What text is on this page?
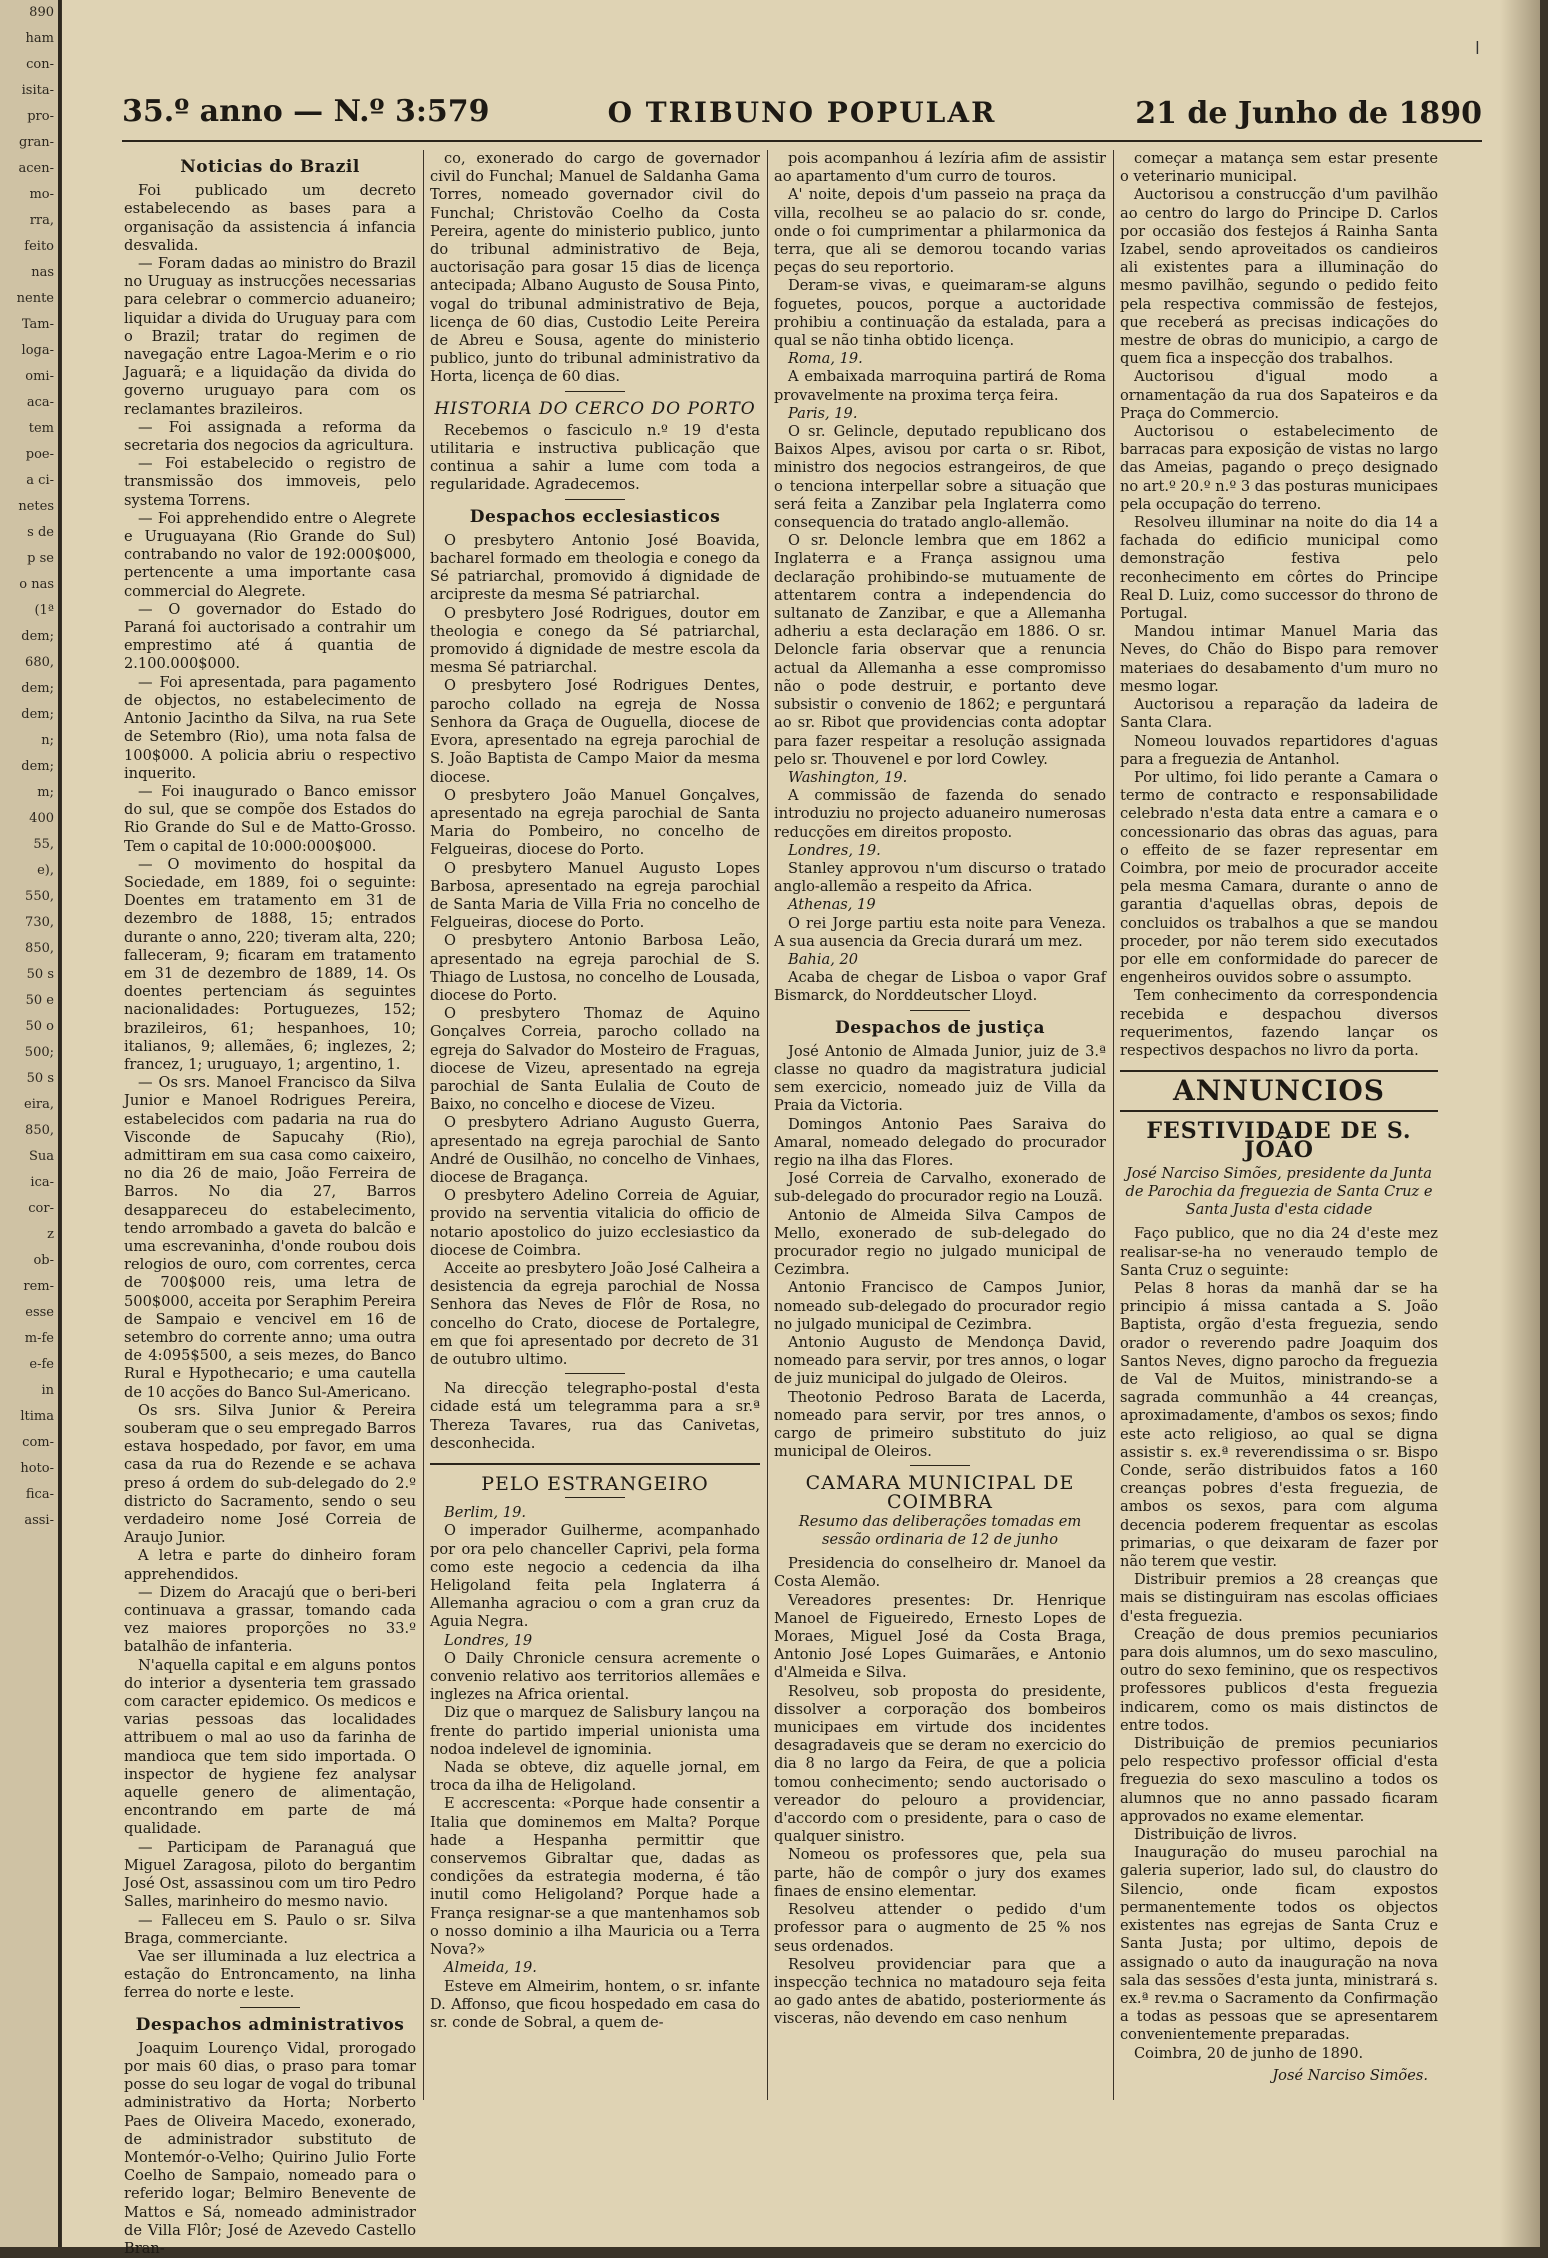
890
ham
con-
isita-
pro-
gran-
acen-
mo-
rra,
feito
nas
nente
Tam-
loga-
omi-
aca-
tem
poe-
a ci-
netes
s de
p se
o nas
(1ª
dem;
680,
dem;
dem;
n;
dem;
m;
400
55,
e),
550,
730,
850,
50 s
50 e
50 o
500;
50 s
eira,
850,
Sua
ica-
cor-
z
ob-
rem-
esse
m-fe
e-fe
in
ltima
com-
hoto-
fica-
assi-
ǀ
35.º anno — N.º 3:579	O TRIBUNO POPULAR	21 de Junho de 1890
Noticias do Brazil

Foi publicado um decreto estabelecendo as bases para a organisação da assistencia á infancia desvalida.

— Foram dadas ao ministro do Brazil no Uruguay as instrucções necessarias para celebrar o commercio aduaneiro; liquidar a divida do Uruguay para com o Brazil; tratar do regimen de navegação entre Lagoa-Merim e o rio Jaguarã; e a liquidação da divida do governo uruguayo para com os reclamantes brazileiros.

— Foi assignada a reforma da secretaria dos negocios da agricultura.

— Foi estabelecido o registro de transmissão dos immoveis, pelo systema Torrens.

— Foi apprehendido entre o Alegrete e Uruguayana (Rio Grande do Sul) contrabando no valor de 192:000$000, pertencente a uma importante casa commercial do Alegrete.

— O governador do Estado do Paraná foi auctorisado a contrahir um emprestimo até á quantia de 2.100.000$000.

— Foi apresentada, para pagamento de objectos, no estabelecimento de Antonio Jacintho da Silva, na rua Sete de Setembro (Rio), uma nota falsa de 100$000. A policia abriu o respectivo inquerito.

— Foi inaugurado o Banco emissor do sul, que se compõe dos Estados do Rio Grande do Sul e de Matto-Grosso. Tem o capital de 10:000:000$000.

— O movimento do hospital da Sociedade, em 1889, foi o seguinte: Doentes em tratamento em 31 de dezembro de 1888, 15; entrados durante o anno, 220; tiveram alta, 220; falleceram, 9; ficaram em tratamento em 31 de dezembro de 1889, 14. Os doentes pertenciam ás seguintes nacionalidades: Portuguezes, 152; brazileiros, 61; hespanhoes, 10; italianos, 9; allemães, 6; inglezes, 2; francez, 1; uruguayo, 1; argentino, 1.

— Os srs. Manoel Francisco da Silva Junior e Manoel Rodrigues Pereira, estabelecidos com padaria na rua do Visconde de Sapucahy (Rio), admittiram em sua casa como caixeiro, no dia 26 de maio, João Ferreira de Barros. No dia 27, Barros desappareceu do estabelecimento, tendo arrombado a gaveta do balcão e uma escrevaninha, d'onde roubou dois relogios de ouro, com correntes, cerca de 700$000 reis, uma letra de 500$000, acceita por Seraphim Pereira de Sampaio e vencivel em 16 de setembro do corrente anno; uma outra de 4:095$500, a seis mezes, do Banco Rural e Hypothecario; e uma cautella de 10 acções do Banco Sul-Americano.

Os srs. Silva Junior & Pereira souberam que o seu empregado Barros estava hospedado, por favor, em uma casa da rua do Rezende e se achava preso á ordem do sub-delegado do 2.º districto do Sacramento, sendo o seu verdadeiro nome José Correia de Araujo Junior.

A letra e parte do dinheiro foram apprehendidos.

— Dizem do Aracajú que o beri-beri continuava a grassar, tomando cada vez maiores proporções no 33.º batalhão de infanteria.

N'aquella capital e em alguns pontos do interior a dysenteria tem grassado com caracter epidemico. Os medicos e varias pessoas das localidades attribuem o mal ao uso da farinha de mandioca que tem sido importada. O inspector de hygiene fez analysar aquelle genero de alimentação, encontrando em parte de má qualidade.

— Participam de Paranaguá que Miguel Zaragosa, piloto do bergantim José Ost, assassinou com um tiro Pedro Salles, marinheiro do mesmo navio.

— Falleceu em S. Paulo o sr. Silva Braga, commerciante.

Vae ser illuminada a luz electrica a estação do Entroncamento, na linha ferrea do norte e leste.

Despachos administrativos

Joaquim Lourenço Vidal, prorogado por mais 60 dias, o praso para tomar posse do seu logar de vogal do tribunal administrativo da Horta; Norberto Paes de Oliveira Macedo, exonerado, de administrador substituto de Montemór-o-Velho; Quirino Julio Forte Coelho de Sampaio, nomeado para o referido logar; Belmiro Benevente de Mattos e Sá, nomeado administrador de Villa Flôr; José de Azevedo Castello Bran-

co, exonerado do cargo de governador civil do Funchal; Manuel de Saldanha Gama Torres, nomeado governador civil do Funchal; Christovão Coelho da Costa Pereira, agente do ministerio publico, junto do tribunal administrativo de Beja, auctorisação para gosar 15 dias de licença antecipada; Albano Augusto de Sousa Pinto, vogal do tribunal administrativo de Beja, licença de 60 dias, Custodio Leite Pereira de Abreu e Sousa, agente do ministerio publico, junto do tribunal administrativo da Horta, licença de 60 dias.

HISTORIA DO CERCO DO PORTO

Recebemos o fasciculo n.º 19 d'esta utilitaria e instructiva publicação que continua a sahir a lume com toda a regularidade. Agradecemos.

Despachos ecclesiasticos

O presbytero Antonio José Boavida, bacharel formado em theologia e conego da Sé patriarchal, promovido á dignidade de arcipreste da mesma Sé patriarchal.

O presbytero José Rodrigues, doutor em theologia e conego da Sé patriarchal, promovido á dignidade de mestre escola da mesma Sé patriarchal.

O presbytero José Rodrigues Dentes, parocho collado na egreja de Nossa Senhora da Graça de Ouguella, diocese de Evora, apresentado na egreja parochial de S. João Baptista de Campo Maior da mesma diocese.

O presbytero João Manuel Gonçalves, apresentado na egreja parochial de Santa Maria do Pombeiro, no concelho de Felgueiras, diocese do Porto.

O presbytero Manuel Augusto Lopes Barbosa, apresentado na egreja parochial de Santa Maria de Villa Fria no concelho de Felgueiras, diocese do Porto.

O presbytero Antonio Barbosa Leão, apresentado na egreja parochial de S. Thiago de Lustosa, no concelho de Lousada, diocese do Porto.

O presbytero Thomaz de Aquino Gonçalves Correia, parocho collado na egreja do Salvador do Mosteiro de Fraguas, diocese de Vizeu, apresentado na egreja parochial de Santa Eulalia de Couto de Baixo, no concelho e diocese de Vizeu.

O presbytero Adriano Augusto Guerra, apresentado na egreja parochial de Santo André de Ousilhão, no concelho de Vinhaes, diocese de Bragança.

O presbytero Adelino Correia de Aguiar, provido na serventia vitalicia do officio de notario apostolico do juizo ecclesiastico da diocese de Coimbra.

Acceite ao presbytero João José Calheira a desistencia da egreja parochial de Nossa Senhora das Neves de Flôr de Rosa, no concelho do Crato, diocese de Portalegre, em que foi apresentado por decreto de 31 de outubro ultimo.

Na direcção telegrapho-postal d'esta cidade está um telegramma para a sr.ª Thereza Tavares, rua das Canivetas, desconhecida.

PELO ESTRANGEIRO

Berlim, 19.

O imperador Guilherme, acompanhado por ora pelo chanceller Caprivi, pela forma como este negocio a cedencia da ilha Heligoland feita pela Inglaterra á Allemanha agraciou o com a gran cruz da Aguia Negra.

Londres, 19

O Daily Chronicle censura acremente o convenio relativo aos territorios allemães e inglezes na Africa oriental.

Diz que o marquez de Salisbury lançou na frente do partido imperial unionista uma nodoa indelevel de ignominia.

Nada se obteve, diz aquelle jornal, em troca da ilha de Heligoland.

E accrescenta: «Porque hade consentir a Italia que dominemos em Malta? Porque hade a Hespanha permittir que conservemos Gibraltar que, dadas as condições da estrategia moderna, é tão inutil como Heligoland? Porque hade a França resignar-se a que mantenhamos sob o nosso dominio a ilha Mauricia ou a Terra Nova?»

Almeida, 19.

Esteve em Almeirim, hontem, o sr. infante D. Affonso, que ficou hospedado em casa do sr. conde de Sobral, a quem de-

pois acompanhou á lezíria afim de assistir ao apartamento d'um curro de touros.

A' noite, depois d'um passeio na praça da villa, recolheu se ao palacio do sr. conde, onde o foi cumprimentar a philarmonica da terra, que ali se demorou tocando varias peças do seu reportorio.

Deram-se vivas, e queimaram-se alguns foguetes, poucos, porque a auctoridade prohibiu a continuação da estalada, para a qual se não tinha obtido licença.

Roma, 19.

A embaixada marroquina partirá de Roma provavelmente na proxima terça feira.

Paris, 19.

O sr. Gelincle, deputado republicano dos Baixos Alpes, avisou por carta o sr. Ribot, ministro dos negocios estrangeiros, de que o tenciona interpellar sobre a situação que será feita a Zanzibar pela Inglaterra como consequencia do tratado anglo-allemão.

O sr. Deloncle lembra que em 1862 a Inglaterra e a França assignou uma declaração prohibindo-se mutuamente de attentarem contra a independencia do sultanato de Zanzibar, e que a Allemanha adheriu a esta declaração em 1886. O sr. Deloncle faria observar que a renuncia actual da Allemanha a esse compromisso não o pode destruir, e portanto deve subsistir o convenio de 1862; e perguntará ao sr. Ribot que providencias conta adoptar para fazer respeitar a resolução assignada pelo sr. Thouvenel e por lord Cowley.

Washington, 19.

A commissão de fazenda do senado introduziu no projecto aduaneiro numerosas reducções em direitos proposto.

Londres, 19.

Stanley approvou n'um discurso o tratado anglo-allemão a respeito da Africa.

Athenas, 19

O rei Jorge partiu esta noite para Veneza. A sua ausencia da Grecia durará um mez.

Bahia, 20

Acaba de chegar de Lisboa o vapor Graf Bismarck, do Norddeutscher Lloyd.

Despachos de justiça

José Antonio de Almada Junior, juiz de 3.ª classe no quadro da magistratura judicial sem exercicio, nomeado juiz de Villa da Praia da Victoria.

Domingos Antonio Paes Saraiva do Amaral, nomeado delegado do procurador regio na ilha das Flores.

José Correia de Carvalho, exonerado de sub-delegado do procurador regio na Louzã.

Antonio de Almeida Silva Campos de Mello, exonerado de sub-delegado do procurador regio no julgado municipal de Cezimbra.

Antonio Francisco de Campos Junior, nomeado sub-delegado do procurador regio no julgado municipal de Cezimbra.

Antonio Augusto de Mendonça David, nomeado para servir, por tres annos, o logar de juiz municipal do julgado de Oleiros.

Theotonio Pedroso Barata de Lacerda, nomeado para servir, por tres annos, o cargo de primeiro substituto do juiz municipal de Oleiros.

CAMARA MUNICIPAL DE COIMBRA
Resumo das deliberações tomadas em sessão ordinaria de 12 de junho

Presidencia do conselheiro dr. Manoel da Costa Alemão.

Vereadores presentes: Dr. Henrique Manoel de Figueiredo, Ernesto Lopes de Moraes, Miguel José da Costa Braga, Antonio José Lopes Guimarães, e Antonio d'Almeida e Silva.

Resolveu, sob proposta do presidente, dissolver a corporação dos bombeiros municipaes em virtude dos incidentes desagradaveis que se deram no exercicio do dia 8 no largo da Feira, de que a policia tomou conhecimento; sendo auctorisado o vereador do pelouro a providenciar, d'accordo com o presidente, para o caso de qualquer sinistro.

Nomeou os professores que, pela sua parte, hão de compôr o jury dos exames finaes de ensino elementar.

Resolveu attender o pedido d'um professor para o augmento de 25 % nos seus ordenados.

Resolveu providenciar para que a inspecção technica no matadouro seja feita ao gado antes de abatido, posteriormente ás visceras, não devendo em caso nenhum

começar a matança sem estar presente o veterinario municipal.

Auctorisou a construcção d'um pavilhão ao centro do largo do Principe D. Carlos por occasião dos festejos á Rainha Santa Izabel, sendo aproveitados os candieiros ali existentes para a illuminação do mesmo pavilhão, segundo o pedido feito pela respectiva commissão de festejos, que receberá as precisas indicações do mestre de obras do municipio, a cargo de quem fica a inspecção dos trabalhos.

Auctorisou d'igual modo a ornamentação da rua dos Sapateiros e da Praça do Commercio.

Auctorisou o estabelecimento de barracas para exposição de vistas no largo das Ameias, pagando o preço designado no art.º 20.º n.º 3 das posturas municipaes pela occupação do terreno.

Resolveu illuminar na noite do dia 14 a fachada do edificio municipal como demonstração festiva pelo reconhecimento em côrtes do Principe Real D. Luiz, como successor do throno de Portugal.

Mandou intimar Manuel Maria das Neves, do Chão do Bispo para remover materiaes do desabamento d'um muro no mesmo logar.

Auctorisou a reparação da ladeira de Santa Clara.

Nomeou louvados repartidores d'aguas para a freguezia de Antanhol.

Por ultimo, foi lido perante a Camara o termo de contracto e responsabilidade celebrado n'esta data entre a camara e o concessionario das obras das aguas, para o effeito de se fazer representar em Coimbra, por meio de procurador acceite pela mesma Camara, durante o anno de garantia d'aquellas obras, depois de concluidos os trabalhos a que se mandou proceder, por não terem sido executados por elle em conformidade do parecer de engenheiros ouvidos sobre o assumpto.

Tem conhecimento da correspondencia recebida e despachou diversos requerimentos, fazendo lançar os respectivos despachos no livro da porta.

ANNUNCIOS
FESTIVIDADE DE S. JOÃO
José Narciso Simões, presidente da Junta de Parochia da freguezia de Santa Cruz e Santa Justa d'esta cidade

Faço publico, que no dia 24 d'este mez realisar-se-ha no veneraudo templo de Santa Cruz o seguinte:

Pelas 8 horas da manhã dar se ha principio á missa cantada a S. João Baptista, orgão d'esta freguezia, sendo orador o reverendo padre Joaquim dos Santos Neves, digno parocho da freguezia de Val de Muitos, ministrando-se a sagrada communhão a 44 creanças, aproximadamente, d'ambos os sexos; findo este acto religioso, ao qual se digna assistir s. ex.ª reverendissima o sr. Bispo Conde, serão distribuidos fatos a 160 creanças pobres d'esta freguezia, de ambos os sexos, para com alguma decencia poderem frequentar as escolas primarias, o que deixaram de fazer por não terem que vestir.

Distribuir premios a 28 creanças que mais se distinguiram nas escolas officiaes d'esta freguezia.

Creação de dous premios pecuniarios para dois alumnos, um do sexo masculino, outro do sexo feminino, que os respectivos professores publicos d'esta freguezia indicarem, como os mais distinctos de entre todos.

Distribuição de premios pecuniarios pelo respectivo professor official d'esta freguezia do sexo masculino a todos os alumnos que no anno passado ficaram approvados no exame elementar.

Distribuição de livros.

Inauguração do museu parochial na galeria superior, lado sul, do claustro do Silencio, onde ficam expostos permanentemente todos os objectos existentes nas egrejas de Santa Cruz e Santa Justa; por ultimo, depois de assignado o auto da inauguração na nova sala das sessões d'esta junta, ministrará s. ex.ª rev.ma o Sacramento da Confirmação a todas as pessoas que se apresentarem convenientemente preparadas.

Coimbra, 20 de junho de 1890.

José Narciso Simões.
